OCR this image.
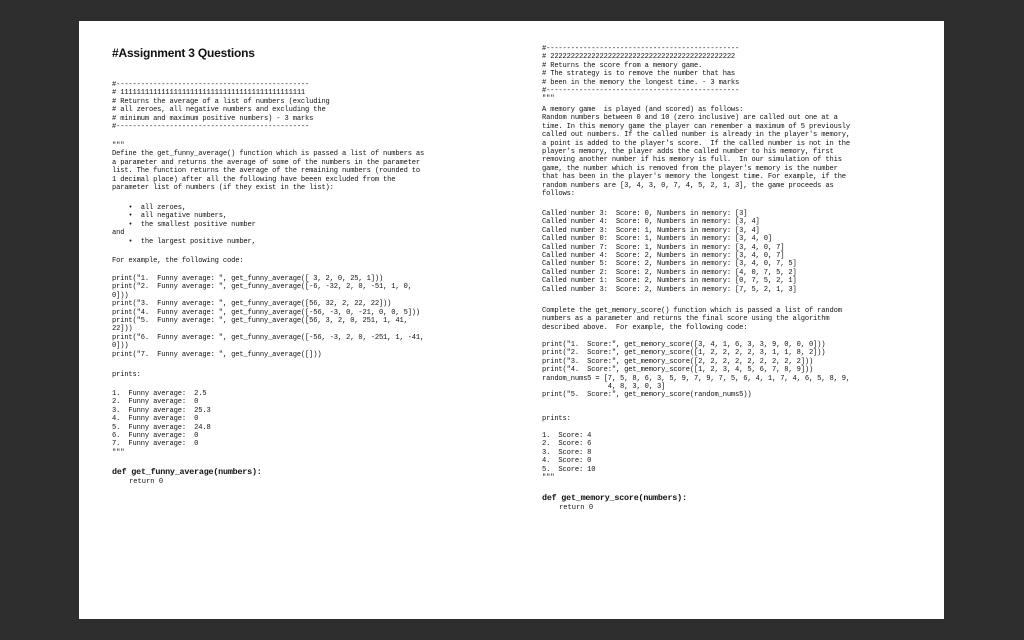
#Assignment 3 Questions
#-----------------------------------------------
# 111111111111111111111111111111111111111111111
# Returns the average of a list of numbers (excluding
# all zeroes, all negative numbers and excluding the
# minimum and maximum positive numbers) - 3 marks
#-----------------------------------------------
"""
Define the get_funny_average() function which is passed a list of numbers as
a parameter and returns the average of some of the numbers in the parameter
list. The function returns the average of the remaining numbers (rounded to
1 decimal place) after all the following have beeen excluded from the
parameter list of numbers (if they exist in the list):
•  all zeroes,
•  all negative numbers,
•  the smallest positive number
and
•  the largest positive number,
For example, the following code:
print("1.  Funny average: ", get_funny_average([ 3, 2, 0, 25, 1]))
print("2.  Funny average: ", get_funny_average([-6, -32, 2, 0, -51, 1, 0,
0]))
print("3.  Funny average: ", get_funny_average([56, 32, 2, 22, 22]))
print("4.  Funny average: ", get_funny_average([-56, -3, 0, -21, 0, 0, 5]))
print("5.  Funny average: ", get_funny_average([56, 3, 2, 0, 251, 1, 41,
22]))
print("6.  Funny average: ", get_funny_average([-56, -3, 2, 0, -251, 1, -41,
0]))
print("7.  Funny average: ", get_funny_average([]))
prints:
1.  Funny average:  2.5
2.  Funny average:  0
3.  Funny average:  25.3
4.  Funny average:  0
5.  Funny average:  24.8
6.  Funny average:  0
7.  Funny average:  0
"""
def get_funny_average(numbers):
return 0
#-----------------------------------------------
# 222222222222222222222222222222222222222222222
# Returns the score from a memory game.
# The strategy is to remove the number that has
# been in the memory the longest time. - 3 marks
#-----------------------------------------------
"""
A memory game  is played (and scored) as follows:
Random numbers between 0 and 10 (zero inclusive) are called out one at a
time. In this memory game the player can remember a maximum of 5 previously
called out numbers. If the called number is already in the player's memory,
a point is added to the player's score.  If the called number is not in the
player's memory, the player adds the called number to his memory, first
removing another number if his memory is full.  In our simulation of this
game, the number which is removed from the player's memory is the number
that has been in the player's memory the longest time. For example, if the
random numbers are [3, 4, 3, 0, 7, 4, 5, 2, 1, 3], the game proceeds as
follows:
Called number 3:  Score: 0, Numbers in memory: [3]
Called number 4:  Score: 0, Numbers in memory: [3, 4]
Called number 3:  Score: 1, Numbers in memory: [3, 4]
Called number 0:  Score: 1, Numbers in memory: [3, 4, 0]
Called number 7:  Score: 1, Numbers in memory: [3, 4, 0, 7]
Called number 4:  Score: 2, Numbers in memory: [3, 4, 0, 7]
Called number 5:  Score: 2, Numbers in memory: [3, 4, 0, 7, 5]
Called number 2:  Score: 2, Numbers in memory: [4, 0, 7, 5, 2]
Called number 1:  Score: 2, Numbers in memory: [0, 7, 5, 2, 1]
Called number 3:  Score: 2, Numbers in memory: [7, 5, 2, 1, 3]
Complete the get_memory_score() function which is passed a list of random
numbers as a parameter and returns the final score using the algorithm
described above.  For example, the following code:
print("1.  Score:", get_memory_score([3, 4, 1, 6, 3, 3, 9, 0, 0, 0]))
print("2.  Score:", get_memory_score([1, 2, 2, 2, 2, 3, 1, 1, 8, 2]))
print("3.  Score:", get_memory_score([2, 2, 2, 2, 2, 2, 2, 2, 2]))
print("4.  Score:", get_memory_score([1, 2, 3, 4, 5, 6, 7, 8, 9]))
random_nums5 = [7, 5, 8, 6, 3, 5, 9, 7, 9, 7, 5, 6, 4, 1, 7, 4, 6, 5, 8, 9,
4, 8, 3, 0, 3]
print("5.  Score:", get_memory_score(random_nums5))
prints:
1.  Score: 4
2.  Score: 6
3.  Score: 8
4.  Score: 0
5.  Score: 10
"""
def get_memory_score(numbers):
return 0
